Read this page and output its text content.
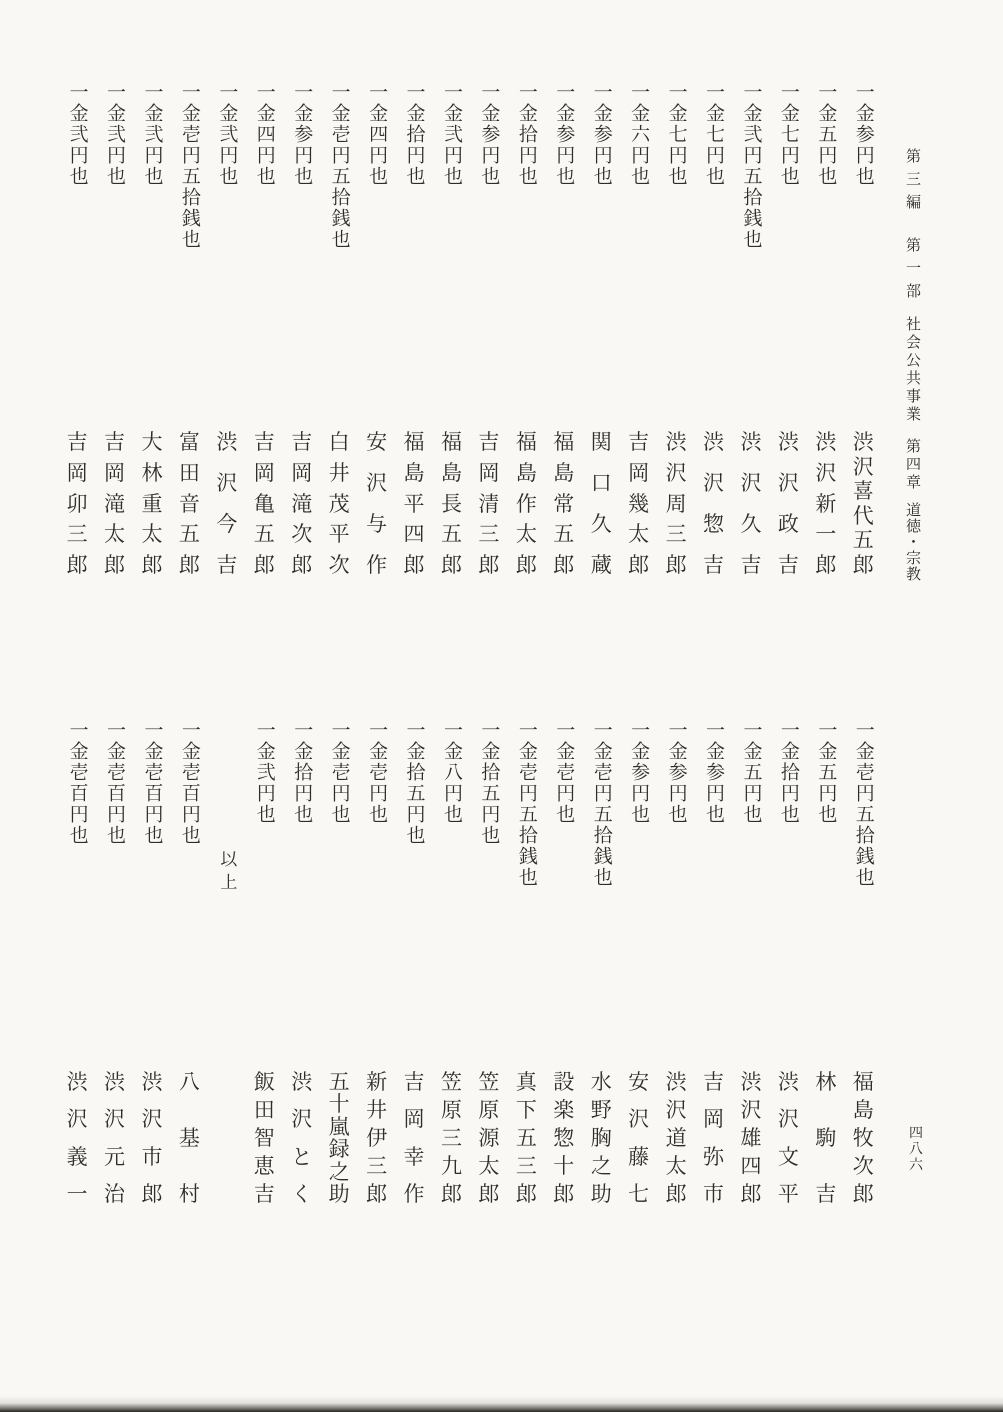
第三編第一部社会公共事業第四章道徳・宗教
一金参円也
渋
沢
喜
代
五
郎
一金五円也
渋
沢
新
一
郎
一金七円也
渋
沢
政
吉
一金弐円五拾銭也
渋
沢
久
吉
一金七円也
渋
沢
惣
吉
一金七円也
渋
沢
周
三
郎
一金六円也
吉
岡
幾
太
郎
一金参円也
関
口
久
蔵
一金参円也
福
島
常
五
郎
一金拾円也
福
島
作
太
郎
一金参円也
吉
岡
清
三
郎
一金弐円也
福
島
長
五
郎
一金拾円也
福
島
平
四
郎
一金四円也
安
沢
与
作
一金壱円五拾銭也
白
井
茂
平
次
一金参円也
吉
岡
滝
次
郎
一金四円也
吉
岡
亀
五
郎
一金弐円也
渋
沢
今
吉
一金壱円五拾銭也
富
田
音
五
郎
一金弐円也
大
林
重
太
郎
一金弐円也
吉
岡
滝
太
郎
一金弐円也
吉
岡
卯
三
郎
一金壱円五拾銭也
福
島
牧
次
郎
一金五円也
林
駒
吉
一金拾円也
渋
沢
文
平
一金五円也
渋
沢
雄
四
郎
一金参円也
吉
岡
弥
市
一金参円也
渋
沢
道
太
郎
一金参円也
安
沢
藤
七
一金壱円五拾銭也
水
野
胸
之
助
一金壱円也
設
楽
惣
十
郎
一金壱円五拾銭也
真
下
五
三
郎
一金拾五円也
笠
原
源
太
郎
一金八円也
笠
原
三
九
郎
一金拾五円也
吉
岡
幸
作
一金壱円也
新
井
伊
三
郎
一金壱円也
五
十
嵐
録
之
助
一金拾円也
渋
沢
と
く
一金弐円也
飯
田
智
恵
吉
以上
一金壱百円也
八
基
村
一金壱百円也
渋
沢
市
郎
一金壱百円也
渋
沢
元
治
一金壱百円也
渋
沢
義
一
四八六
